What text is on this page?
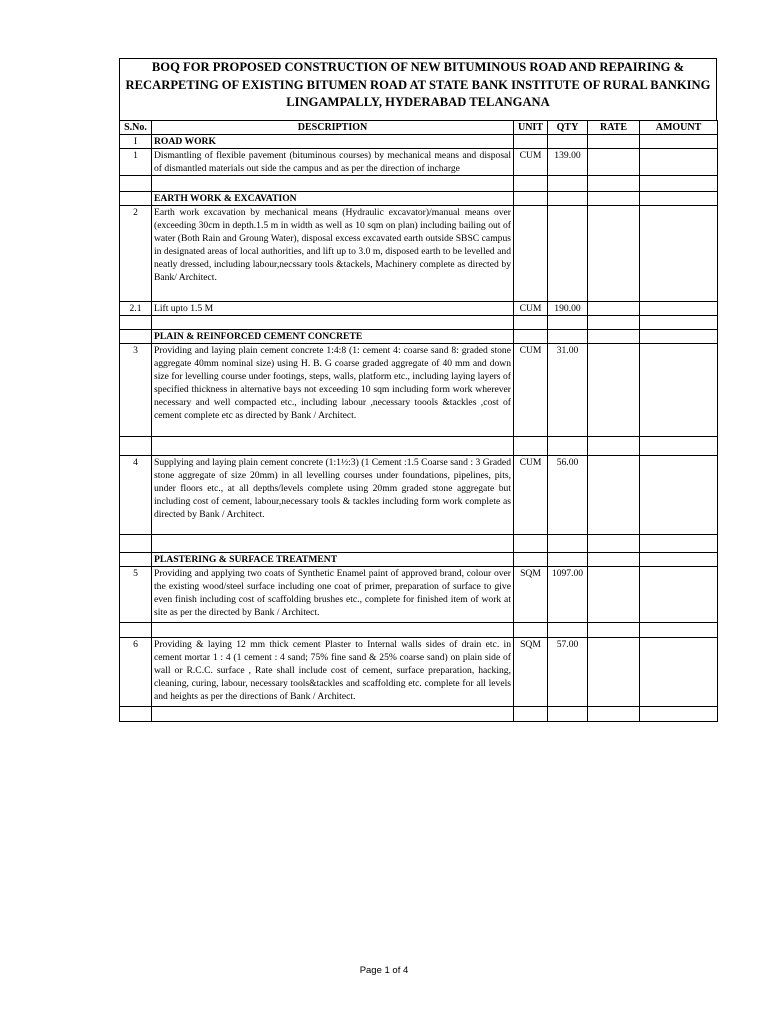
BOQ FOR PROPOSED CONSTRUCTION OF NEW BITUMINOUS ROAD AND REPAIRING &
RECARPETING OF EXISTING BITUMEN ROAD AT STATE BANK INSTITUTE OF RURAL BANKING
LINGAMPALLY, HYDERABAD TELANGANA
S.No.	DESCRIPTION	UNIT	QTY	RATE	AMOUNT
I	ROAD WORK				
1	Dismantling of flexible pavement (bituminous courses) by mechanical means and disposal of dismantled materials out side the campus and as per the direction of incharge	CUM	139.00		

	EARTH WORK & EXCAVATION				
2	Earth work excavation by mechanical means (Hydraulic excavator)/manual means over (exceeding 30cm in depth.1.5 m in width as well as 10 sqm on plan) including bailing out of water (Both Rain and Groung Water), disposal excess excavated earth outside SBSC campus in designated areas of local authorities, and lift up to 3.0 m, disposed earth to be levelled and neatly dressed, including labour,necssary tools &tackels, Machinery complete as directed by Bank/ Architect.				
2.1	Lift upto 1.5 M	CUM	190.00		

	PLAIN & REINFORCED CEMENT CONCRETE				
3	Providing and laying plain cement concrete 1:4:8 (1: cement 4: coarse sand 8: graded stone aggregate 40mm nominal size) using H. B. G coarse graded aggregate of 40 mm and down size for levelling course under footings, steps, walls, platform etc., including laying layers of specified thickness in alternative bays not exceeding 10 sqm including form work wherever necessary and well compacted etc., including labour ,necessary toools &tackles ,cost of cement complete etc as directed by Bank / Architect.	CUM	31.00		

4	Supplying and laying plain cement concrete (1:1½:3) (1 Cement :1.5 Coarse sand : 3 Graded stone aggregate of size 20mm) in all levelling courses under foundations, pipelines, pits, under floors etc., at all depths/levels complete using 20mm graded stone aggregate but including cost of cement, labour,necessary tools & tackles including form work complete as directed by Bank / Architect.	CUM	56.00		

	PLASTERING & SURFACE TREATMENT				
5	Providing and applying two coats of Synthetic Enamel paint of approved brand, colour over the existing wood/steel surface including one coat of primer, preparation of surface to give even finish including cost of scaffolding brushes etc., complete for finished item of work at site as per the directed by Bank / Architect.	SQM	1097.00		

6	Providing & laying 12 mm thick cement Plaster to Internal walls sides of drain etc. in cement mortar 1 : 4 (1 cement : 4 sand; 75% fine sand & 25% coarse sand) on plain side of wall or R.C.C. surface , Rate shall include cost of cement, surface preparation, hacking, cleaning, curing, labour, necessary tools&tackles and scaffolding etc. complete for all levels and heights as per the directions of Bank / Architect.	SQM	57.00		

Page 1 of 4
